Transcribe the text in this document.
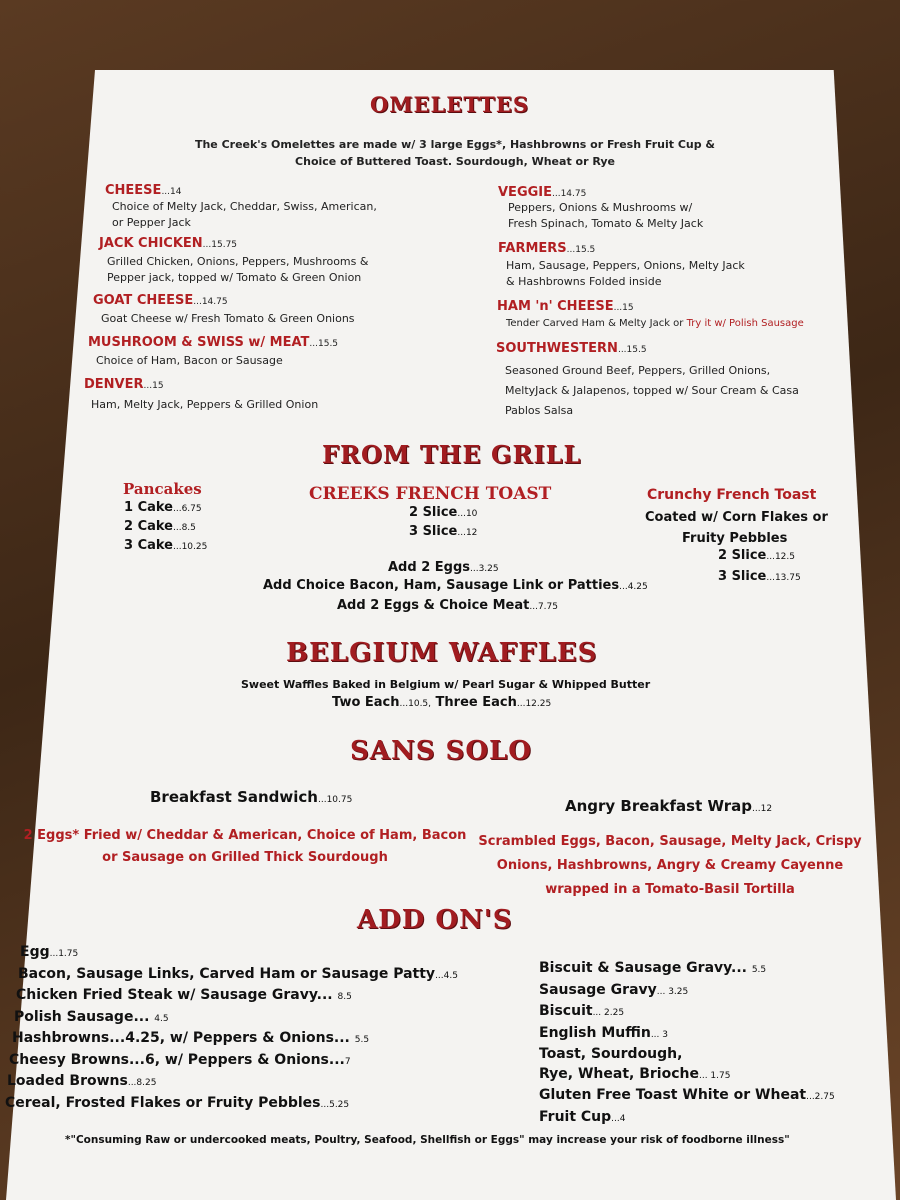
OMELETTES
The Creek's Omelettes are made w/ 3 large Eggs*, Hashbrowns or Fresh Fruit Cup &
Choice of Buttered Toast. Sourdough, Wheat or Rye
CHEESE...14
Choice of Melty Jack, Cheddar, Swiss, American,
or Pepper Jack
JACK CHICKEN...15.75
Grilled Chicken, Onions, Peppers, Mushrooms &
Pepper jack, topped w/ Tomato & Green Onion
GOAT CHEESE...14.75
Goat Cheese w/ Fresh Tomato & Green Onions
MUSHROOM & SWISS w/ MEAT...15.5
Choice of Ham, Bacon or Sausage
DENVER...15
Ham, Melty Jack, Peppers & Grilled Onion
VEGGIE...14.75
Peppers, Onions & Mushrooms w/
Fresh Spinach, Tomato & Melty Jack
FARMERS...15.5
Ham, Sausage, Peppers, Onions, Melty Jack
& Hashbrowns Folded inside
HAM 'n' CHEESE...15
Tender Carved Ham & Melty Jack or Try it w/ Polish Sausage
SOUTHWESTERN...15.5
Seasoned Ground Beef, Peppers, Grilled Onions,
MeltyJack & Jalapenos, topped w/ Sour Cream & Casa
Pablos Salsa
FROM THE GRILL
Pancakes
1 Cake...6.75
2 Cake...8.5
3 Cake...10.25
CREEKS FRENCH TOAST
2 Slice...10
3 Slice...12
Crunchy French Toast
Coated w/ Corn Flakes or
Fruity Pebbles
2 Slice...12.5
3 Slice...13.75
Add 2 Eggs...3.25
Add Choice Bacon, Ham, Sausage Link or Patties...4.25
Add 2 Eggs & Choice Meat...7.75
BELGIUM WAFFLES
Sweet Waffles Baked in Belgium w/ Pearl Sugar & Whipped Butter
Two Each...10.5, Three Each...12.25
SANS SOLO
Breakfast Sandwich...10.75
2 Eggs* Fried w/ Cheddar & American, Choice of Ham, Bacon
or Sausage on Grilled Thick Sourdough
Angry Breakfast Wrap...12
Scrambled Eggs, Bacon, Sausage, Melty Jack, Crispy
Onions, Hashbrowns, Angry & Creamy Cayenne
wrapped in a Tomato-Basil Tortilla
ADD ON'S
Egg...1.75
Bacon, Sausage Links, Carved Ham or Sausage Patty...4.5
Chicken Fried Steak w/ Sausage Gravy... 8.5
Polish Sausage... 4.5
Hashbrowns...4.25, w/ Peppers & Onions... 5.5
Cheesy Browns...6, w/ Peppers & Onions...7
Loaded Browns...8.25
Cereal, Frosted Flakes or Fruity Pebbles...5.25
Biscuit & Sausage Gravy... 5.5
Sausage Gravy... 3.25
Biscuit... 2.25
English Muffin... 3
Toast, Sourdough,
Rye, Wheat, Brioche... 1.75
Gluten Free Toast White or Wheat...2.75
Fruit Cup...4
*"Consuming Raw or undercooked meats, Poultry, Seafood, Shellfish or Eggs" may increase your risk of foodborne illness"
